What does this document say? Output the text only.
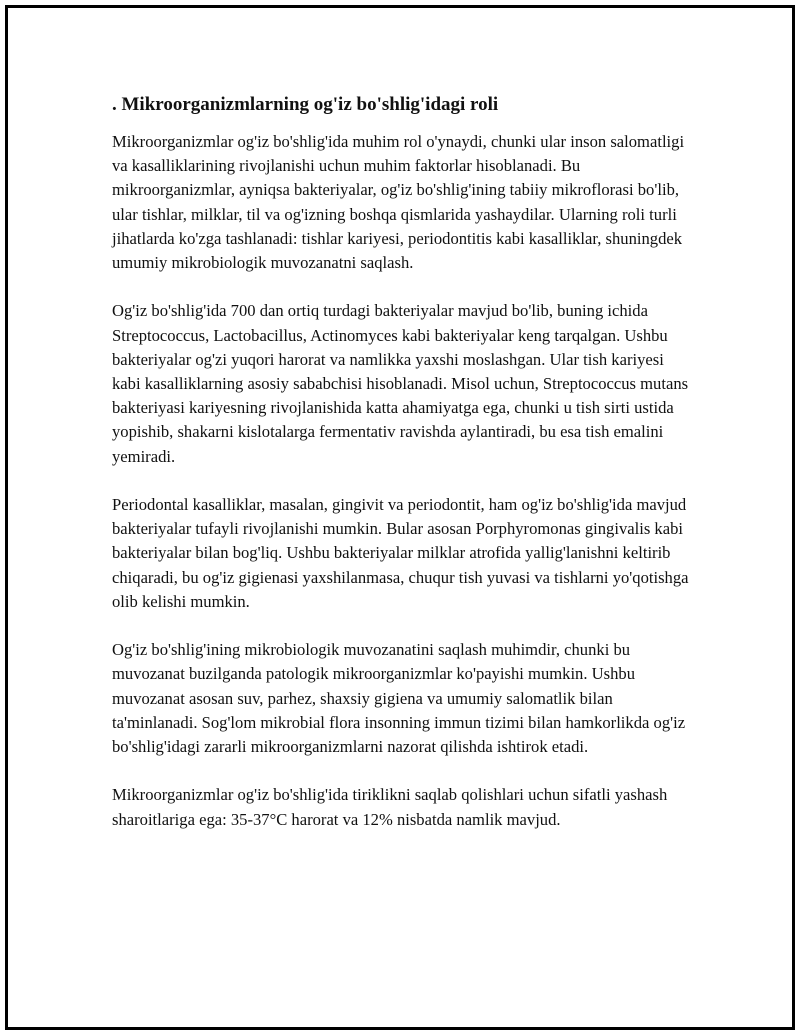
. Mikroorganizmlarning og'iz bo'shlig'idagi roli

Mikroorganizmlar og'iz bo'shlig'ida muhim rol o'ynaydi, chunki ular inson salomatligi va kasalliklarining rivojlanishi uchun muhim faktorlar hisoblanadi. Bu mikroorganizmlar, ayniqsa bakteriyalar, og'iz bo'shlig'ining tabiiy mikroflorasi bo'lib, ular tishlar, milklar, til va og'izning boshqa qismlarida yashaydilar. Ularning roli turli jihatlarda ko'zga tashlanadi: tishlar kariyesi, periodontitis kabi kasalliklar, shuningdek umumiy mikrobiologik muvozanatni saqlash.

Og'iz bo'shlig'ida 700 dan ortiq turdagi bakteriyalar mavjud bo'lib, buning ichida Streptococcus, Lactobacillus, Actinomyces kabi bakteriyalar keng tarqalgan. Ushbu bakteriyalar og'zi yuqori harorat va namlikka yaxshi moslashgan. Ular tish kariyesi kabi kasalliklarning asosiy sababchisi hisoblanadi. Misol uchun, Streptococcus mutans bakteriyasi kariyesning rivojlanishida katta ahamiyatga ega, chunki u tish sirti ustida yopishib, shakarni kislotalarga fermentativ ravishda aylantiradi, bu esa tish emalini yemiradi.

Periodontal kasalliklar, masalan, gingivit va periodontit, ham og'iz bo'shlig'ida mavjud bakteriyalar tufayli rivojlanishi mumkin. Bular asosan Porphyromonas gingivalis kabi bakteriyalar bilan bog'liq. Ushbu bakteriyalar milklar atrofida yallig'lanishni keltirib chiqaradi, bu og'iz gigienasi yaxshilanmasa, chuqur tish yuvasi va tishlarni yo'qotishga olib kelishi mumkin.

Og'iz bo'shlig'ining mikrobiologik muvozanatini saqlash muhimdir, chunki bu muvozanat buzilganda patologik mikroorganizmlar ko'payishi mumkin. Ushbu muvozanat asosan suv, parhez, shaxsiy gigiena va umumiy salomatlik bilan ta'minlanadi. Sog'lom mikrobial flora insonning immun tizimi bilan hamkorlikda og'iz bo'shlig'idagi zararli mikroorganizmlarni nazorat qilishda ishtirok etadi.

Mikroorganizmlar og'iz bo'shlig'ida tiriklikni saqlab qolishlari uchun sifatli yashash sharoitlariga ega: 35-37°C harorat va 12% nisbatda namlik mavjud.
